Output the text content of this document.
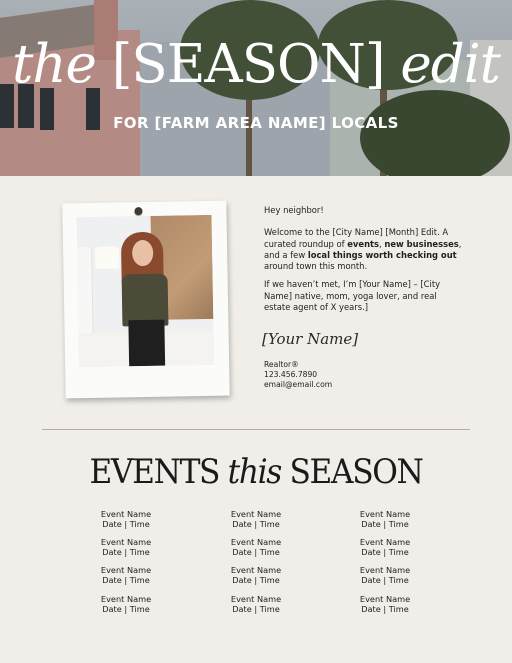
the [SEASON] edit
FOR [FARM AREA NAME] LOCALS

Hey neighbor!

Welcome to the [City Name] [Month] Edit. A curated roundup of events, new businesses, and a few local things worth checking out around town this month.

If we haven’t met, I’m [Your Name] – [City Name] native, mom, yoga lover, and real estate agent of X years.]

[Your Name]
Realtor®
123.456.7890
email@email.com
EVENTS this SEASON
Event Name
Date | Time
Event Name
Date | Time
Event Name
Date | Time
Event Name
Date | Time
Event Name
Date | Time
Event Name
Date | Time
Event Name
Date | Time
Event Name
Date | Time
Event Name
Date | Time
Event Name
Date | Time
Event Name
Date | Time
Event Name
Date | Time
